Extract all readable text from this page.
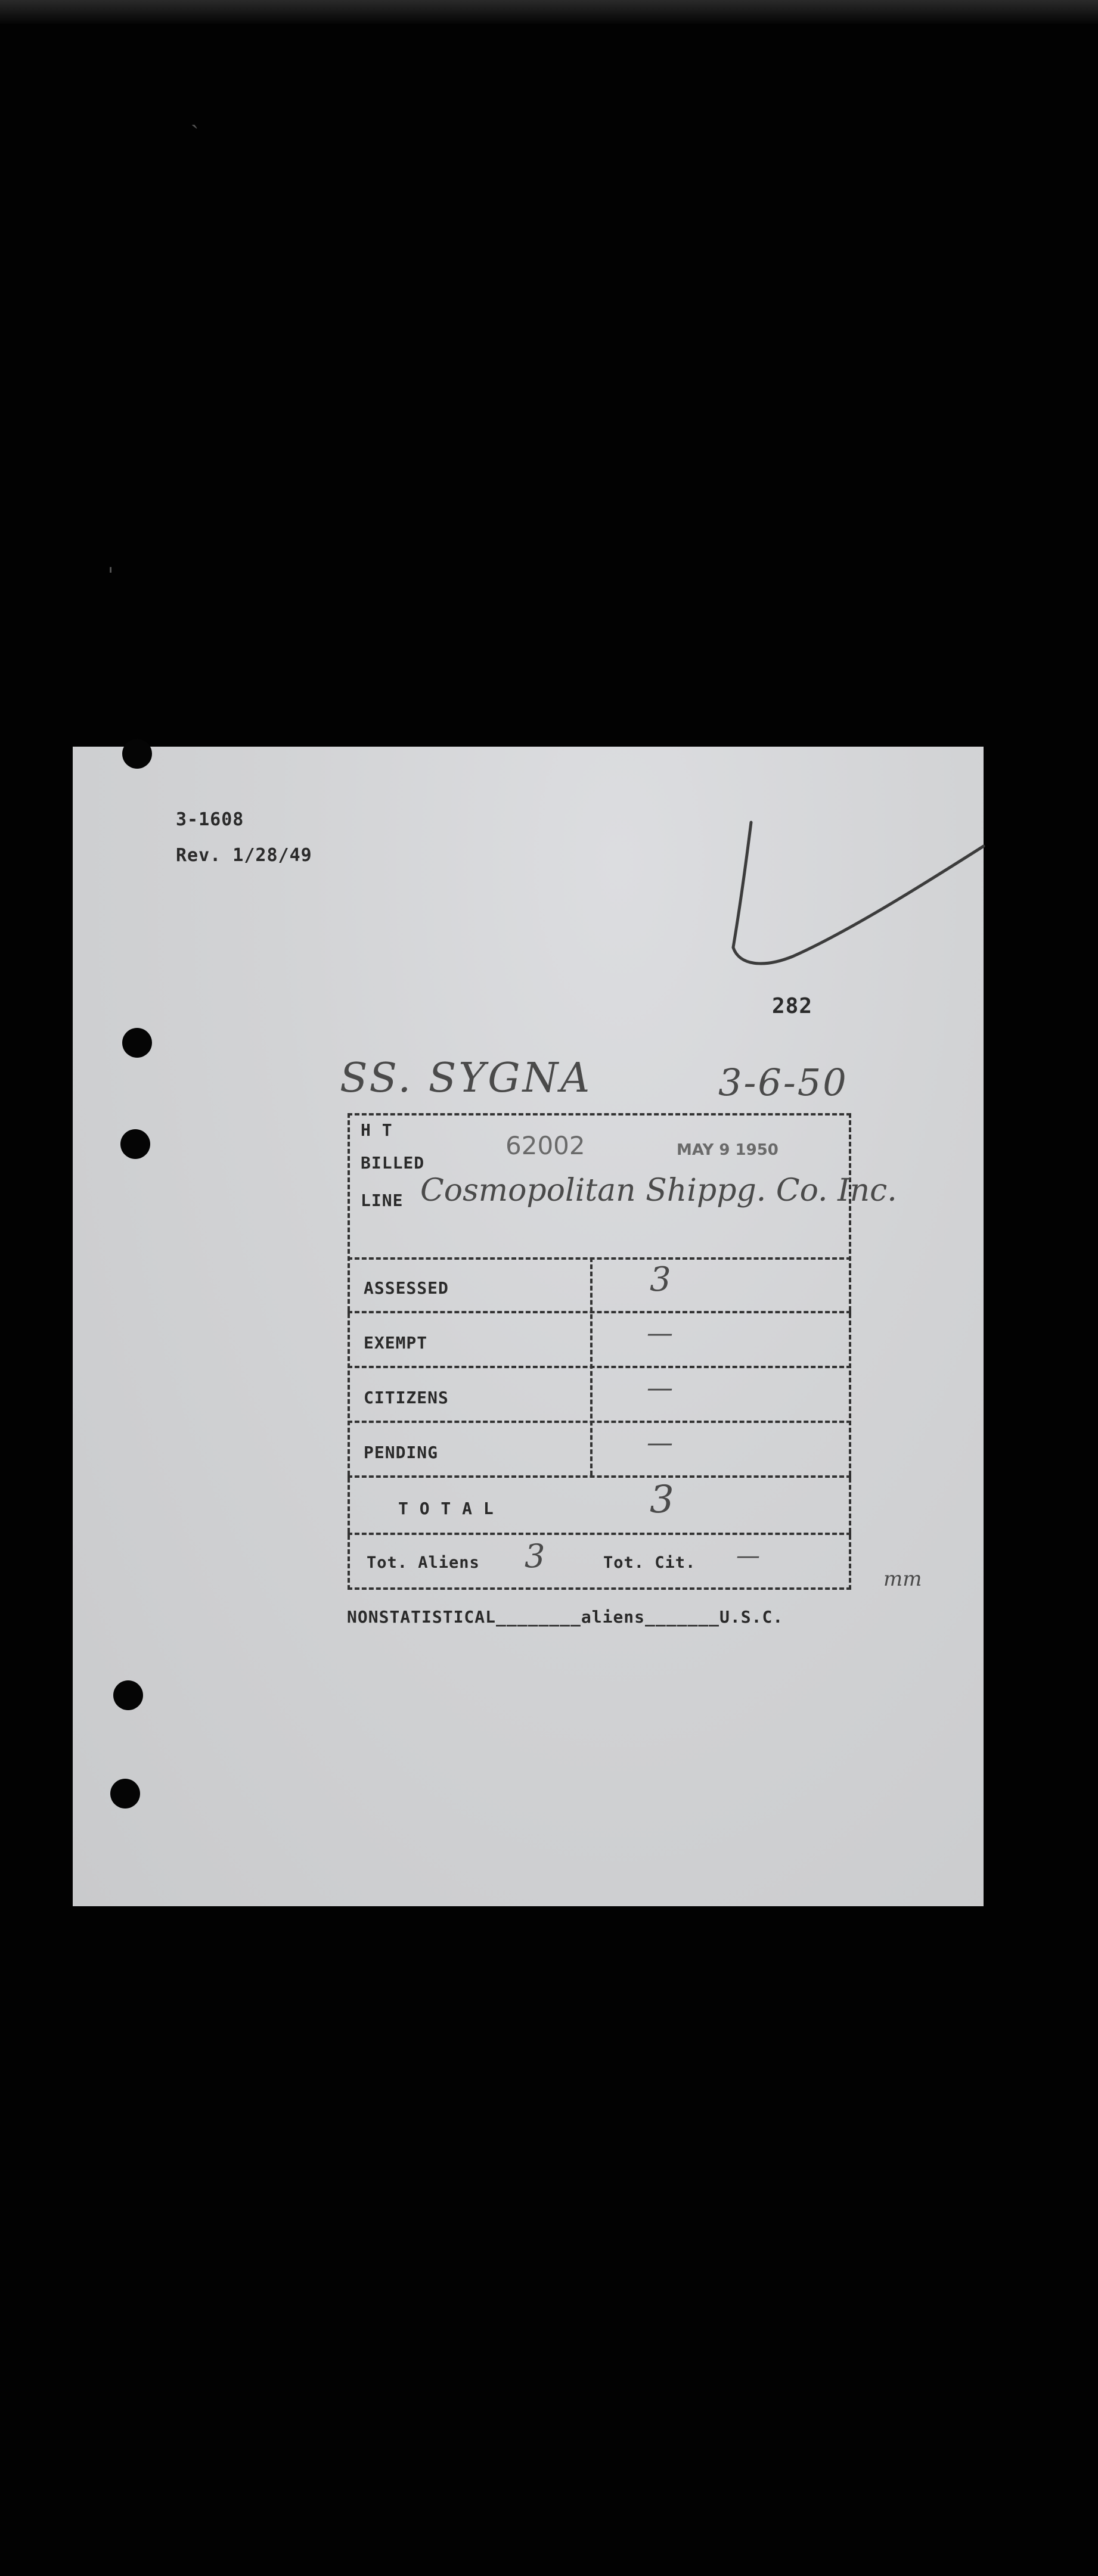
ˏ
ˌ
3-1608
Rev. 1/28/49
282
SS. SYGNA	3-6-50
H T
BILLED
LINE
62002	MAY 9 1950
Cosmopolitan Shippg. Co. Inc.
ASSESSED	3
EXEMPT	—
CITIZENS	—
PENDING	—
T O T A L	3
Tot. Aliens 3	Tot. Cit. —
mm
NONSTATISTICAL________aliens_______U.S.C.
